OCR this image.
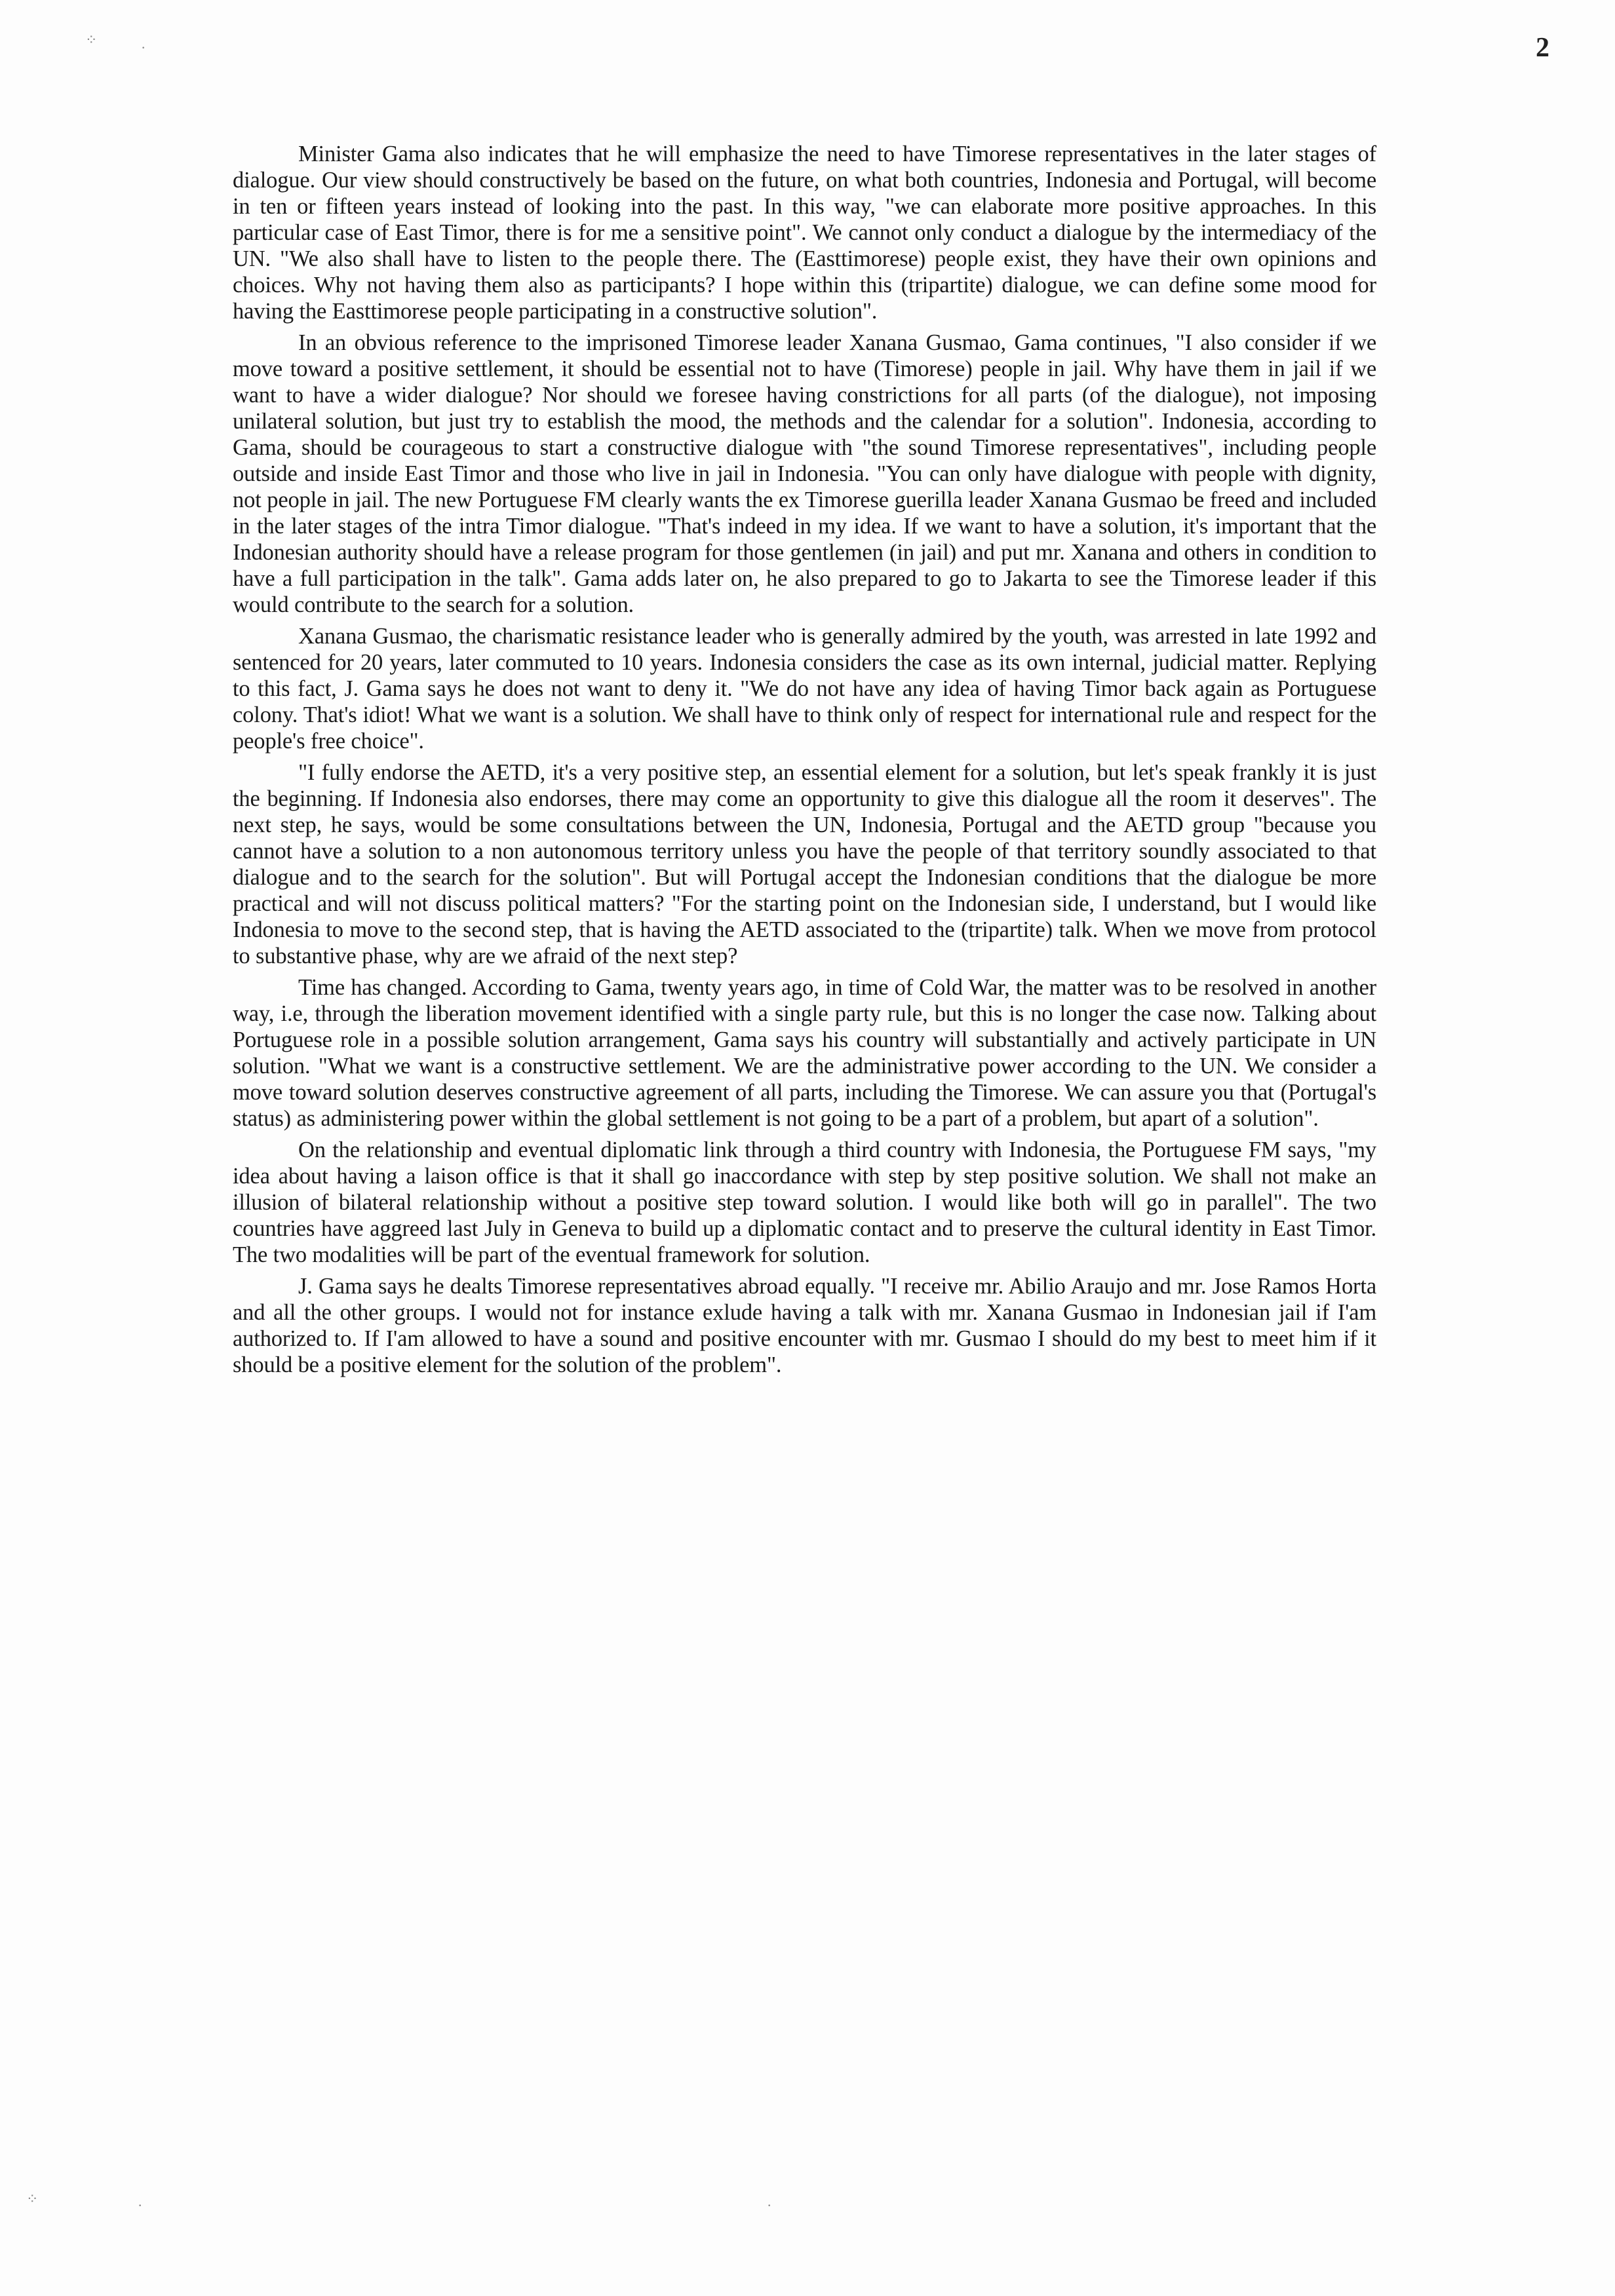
⁘	·
⁘	·	·
2

Minister Gama also indicates that he will emphasize the need to have Timorese representatives in the later stages of dialogue. Our view should constructively be based on the future, on what both countries, Indonesia and Portugal, will become in ten or fifteen years instead of looking into the past. In this way, "we can elaborate more positive approaches. In this particular case of East Timor, there is for me a sensitive point". We cannot only conduct a dialogue by the intermediacy of the UN. "We also shall have to listen to the people there. The (Easttimorese) people exist, they have their own opinions and choices. Why not having them also as participants? I hope within this (tripartite) dialogue, we can define some mood for having the Easttimorese people participating in a constructive solution".

In an obvious reference to the imprisoned Timorese leader Xanana Gusmao, Gama continues, "I also consider if we move toward a positive settlement, it should be essential not to have (Timorese) people in jail. Why have them in jail if we want to have a wider dialogue? Nor should we foresee having constrictions for all parts (of the dialogue), not imposing unilateral solution, but just try to establish the mood, the methods and the calendar for a solution". Indonesia, according to Gama, should be courageous to start a constructive dialogue with "the sound Timorese representatives", including people outside and inside East Timor and those who live in jail in Indonesia. "You can only have dialogue with people with dignity, not people in jail. The new Portuguese FM clearly wants the ex Timorese guerilla leader Xanana Gusmao be freed and included in the later stages of the intra Timor dialogue. "That's indeed in my idea. If we want to have a solution, it's important that the Indonesian authority should have a release program for those gentlemen (in jail) and put mr. Xanana and others in condition to have a full participation in the talk". Gama adds later on, he also prepared to go to Jakarta to see the Timorese leader if this would contribute to the search for a solution.

Xanana Gusmao, the charismatic resistance leader who is generally admired by the youth, was arrested in late 1992 and sentenced for 20 years, later commuted to 10 years. Indonesia considers the case as its own internal, judicial matter. Replying to this fact, J. Gama says he does not want to deny it. "We do not have any idea of having Timor back again as Portuguese colony. That's idiot! What we want is a solution. We shall have to think only of respect for international rule and respect for the people's free choice".

"I fully endorse the AETD, it's a very positive step, an essential element for a solution, but let's speak frankly it is just the beginning. If Indonesia also endorses, there may come an opportunity to give this dialogue all the room it deserves". The next step, he says, would be some consultations between the UN, Indonesia, Portugal and the AETD group "because you cannot have a solution to a non autonomous territory unless you have the people of that territory soundly associated to that dialogue and to the search for the solution". But will Portugal accept the Indonesian conditions that the dialogue be more practical and will not discuss political matters? "For the starting point on the Indonesian side, I understand, but I would like Indonesia to move to the second step, that is having the AETD associated to the (tripartite) talk. When we move from protocol to substantive phase, why are we afraid of the next step?

Time has changed. According to Gama, twenty years ago, in time of Cold War, the matter was to be resolved in another way, i.e, through the liberation movement identified with a single party rule, but this is no longer the case now. Talking about Portuguese role in a possible solution arrangement, Gama says his country will substantially and actively participate in UN solution. "What we want is a constructive settlement. We are the administrative power according to the UN. We consider a move toward solution deserves constructive agreement of all parts, including the Timorese. We can assure you that (Portugal's status) as administering power within the global settlement is not going to be a part of a problem, but apart of a solution".

On the relationship and eventual diplomatic link through a third country with Indonesia, the Portuguese FM says, "my idea about having a laison office is that it shall go inaccordance with step by step positive solution. We shall not make an illusion of bilateral relationship without a positive step toward solution. I would like both will go in parallel". The two countries have aggreed last July in Geneva to build up a diplomatic contact and to preserve the cultural identity in East Timor. The two modalities will be part of the eventual framework for solution.

J. Gama says he dealts Timorese representatives abroad equally. "I receive mr. Abilio Araujo and mr. Jose Ramos Horta and all the other groups. I would not for instance exlude having a talk with mr. Xanana Gusmao in Indonesian jail if I'am authorized to. If I'am allowed to have a sound and positive encounter with mr. Gusmao I should do my best to meet him if it should be a positive element for the solution of the problem".
